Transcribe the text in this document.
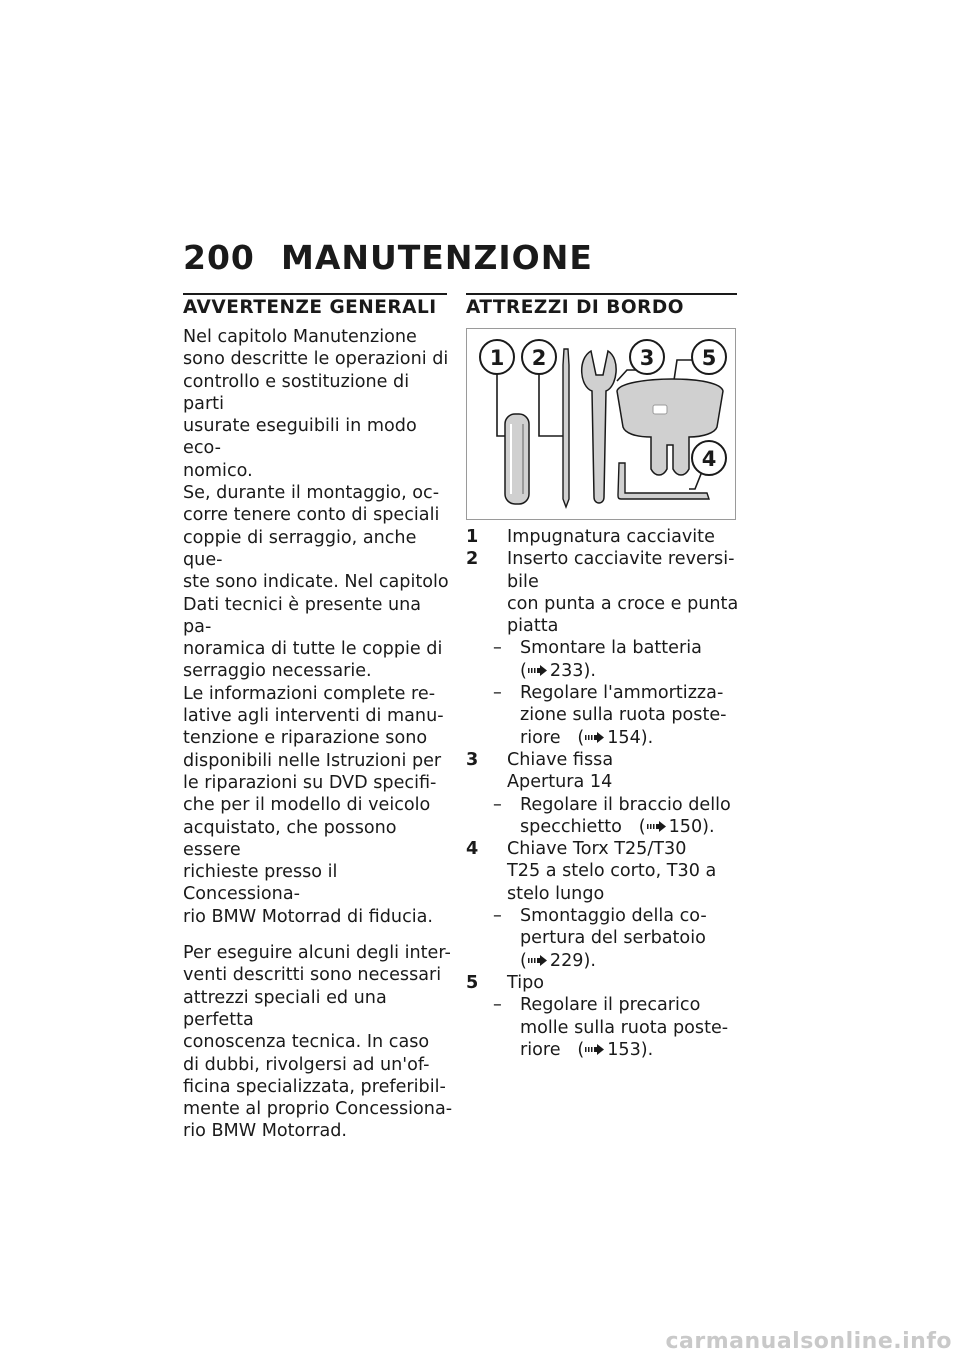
200 MANUTENZIONE
AVVERTENZE GENERALI ATTREZZI DI BORDO

Nel capitolo Manutenzione
sono descritte le operazioni di
controllo e sostituzione di parti
usurate eseguibili in modo eco-
nomico.

Se, durante il montaggio, oc-
corre tenere conto di speciali
coppie di serraggio, anche que-
ste sono indicate. Nel capitolo
Dati tecnici è presente una pa-
noramica di tutte le coppie di
serraggio necessarie.

Le informazioni complete re-
lative agli interventi di manu-
tenzione e riparazione sono
disponibili nelle Istruzioni per
le riparazioni su DVD specifi-
che per il modello di veicolo
acquistato, che possono essere
richieste presso il Concessiona-
rio BMW Motorrad di fiducia.

Per eseguire alcuni degli inter-
venti descritti sono necessari
attrezzi speciali ed una perfetta
conoscenza tecnica. In caso
di dubbi, rivolgersi ad un'of-
ficina specializzata, preferibil-
mente al proprio Concessiona-
rio BMW Motorrad.

1 2	3 5
4
1 Impugnatura cacciavite
2 Inserto cacciavite reversi-
bile
con punta a croce e punta
piatta
– Smontare la batteria
( 233).
– Regolare l'ammortizza-
zione sulla ruota poste-
riore   ( 154).
3 Chiave fissa
Apertura 14
– Regolare il braccio dello
specchietto   ( 150).
4 Chiave Torx T25/T30
T25 a stelo corto, T30 a
stelo lungo
– Smontaggio della co-
pertura del serbatoio
( 229).
5 Tipo
– Regolare il precarico
molle sulla ruota poste-
riore   ( 153).
carmanualsonline.info
